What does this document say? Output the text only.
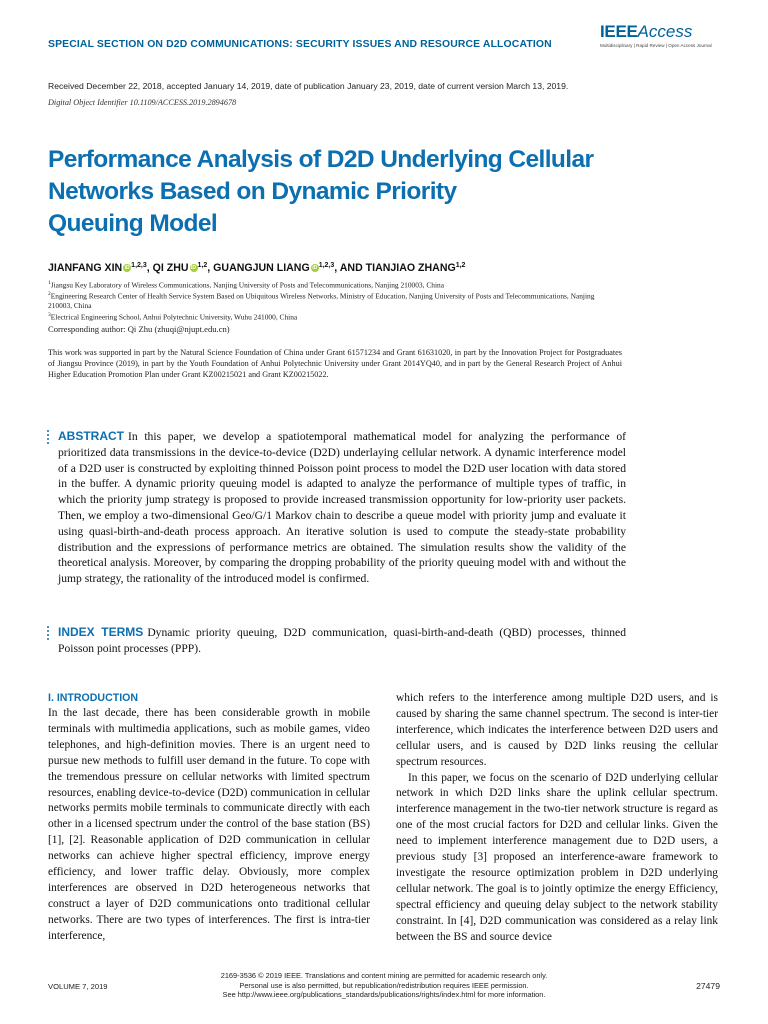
SPECIAL SECTION ON D2D COMMUNICATIONS: SECURITY ISSUES AND RESOURCE ALLOCATION
IEEEAccess
Multidisciplinary | Rapid Review | Open Access Journal
Received December 22, 2018, accepted January 14, 2019, date of publication January 23, 2019, date of current version March 13, 2019.
Digital Object Identifier 10.1109/ACCESS.2019.2894678
Performance Analysis of D2D Underlying Cellular
Networks Based on Dynamic Priority
Queuing Model
JIANFANG XIN iD $^{1,2,3}$, QI ZHU iD $^{1,2}$, GUANGJUN LIANG iD $^{1,2,3}$, AND TIANJIAO ZHANG$^{1,2}$
$^1$Jiangsu Key Laboratory of Wireless Communications, Nanjing University of Posts and Telecommunications, Nanjing 210003, China
$^2$Engineering Research Center of Health Service System Based on Ubiquitous Wireless Networks, Ministry of Education, Nanjing University of Posts and Telecommunications, Nanjing 210003, China
$^3$Electrical Engineering School, Anhui Polytechnic University, Wuhu 241000, China
Corresponding author: Qi Zhu (zhuqi@njupt.edu.cn)
This work was supported in part by the Natural Science Foundation of China under Grant 61571234 and Grant 61631020, in part by the Innovation Project for Postgraduates of Jiangsu Province (2019), in part by the Youth Foundation of Anhui Polytechnic University under Grant 2014YQ40, and in part by the General Research Project of Anhui Higher Education Promotion Plan under Grant KZ00215021 and Grant KZ00215022.
ABSTRACT In this paper, we develop a spatiotemporal mathematical model for analyzing the performance of prioritized data transmissions in the device-to-device (D2D) underlaying cellular network. A dynamic interference model of a D2D user is constructed by exploiting thinned Poisson point process to model the D2D user location with data stored in the buffer. A dynamic priority queuing model is adapted to analyze the performance of multiple types of traffic, in which the priority jump strategy is proposed to provide increased transmission opportunity for low-priority user packets. Then, we employ a two-dimensional Geo/G/1 Markov chain to describe a queue model with priority jump and evaluate it using quasi-birth-and-death process approach. An iterative solution is used to compute the steady-state probability distribution and the expressions of performance metrics are obtained. The simulation results show the validity of the theoretical analysis. Moreover, by comparing the dropping probability of the priority queuing model with and without the jump strategy, the rationality of the introduced model is confirmed.
INDEX TERMS Dynamic priority queuing, D2D communication, quasi-birth-and-death (QBD) processes, thinned Poisson point processes (PPP).
I. INTRODUCTION

In the last decade, there has been considerable growth in mobile terminals with multimedia applications, such as mobile games, video telephones, and high-definition movies. There is an urgent need to pursue new methods to fulfill user demand in the future. To cope with the tremendous pressure on cellular networks with limited spectrum resources, enabling device-to-device (D2D) communication in cellular networks permits mobile terminals to communicate directly with each other in a licensed spectrum under the control of the base station (BS) [1], [2]. Reasonable application of D2D communication in cellular networks can achieve higher spectral efficiency, improve energy efficiency, and lower traffic delay. Obviously, more complex interferences are observed in D2D heterogeneous networks that construct a layer of D2D communications onto traditional cellular networks. There are two types of interferences. The first is intra-tier interference,

which refers to the interference among multiple D2D users, and is caused by sharing the same channel spectrum. The second is inter-tier interference, which indicates the interference between D2D users and cellular users, and is caused by D2D links reusing the cellular spectrum resources.

In this paper, we focus on the scenario of D2D underlying cellular network in which D2D links share the uplink cellular spectrum. interference management in the two-tier network structure is regard as one of the most crucial factors for D2D and cellular links. Given the need to implement interference management due to D2D users, a previous study [3] proposed an interference-aware framework to investigate the resource optimization problem in D2D underlying cellular network. The goal is to jointly optimize the energy Efficiency, spectral efficiency and queuing delay subject to the network stability constraint. In [4], D2D communication was considered as a relay link between the BS and source device

VOLUME 7, 2019
2169-3536 © 2019 IEEE. Translations and content mining are permitted for academic research only.
Personal use is also permitted, but republication/redistribution requires IEEE permission.
See http://www.ieee.org/publications_standards/publications/rights/index.html for more information.
27479
